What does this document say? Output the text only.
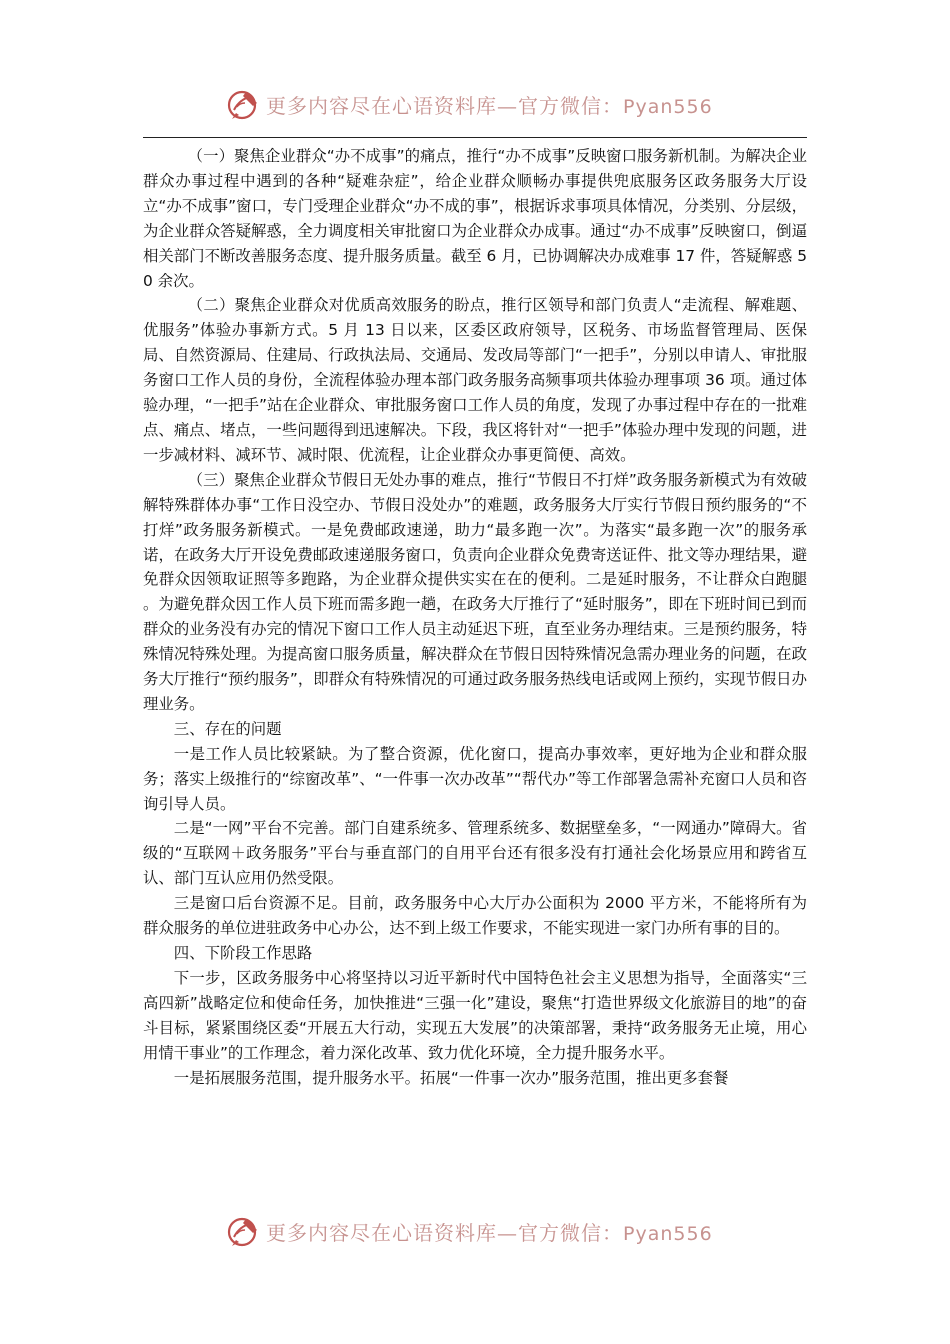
更多内容尽在心语资料库—官方微信：Pyan556

（一）聚焦企业群众“办不成事”的痛点，推行“办不成事”反映窗口服务新机制。为解决企业群众办事过程中遇到的各种“疑难杂症”，给企业群众顺畅办事提供兜底服务区政务服务大厅设立“办不成事”窗口，专门受理企业群众“办不成的事”，根据诉求事项具体情况，分类别、分层级，为企业群众答疑解惑，全力调度相关审批窗口为企业群众办成事。通过“办不成事”反映窗口，倒逼相关部门不断改善服务态度、提升服务质量。截至 6 月，已协调解决办成难事 17 件，答疑解惑 50 余次。

（二）聚焦企业群众对优质高效服务的盼点，推行区领导和部门负责人“走流程、解难题、优服务”体验办事新方式。5 月 13 日以来，区委区政府领导，区税务、市场监督管理局、医保局、自然资源局、住建局、行政执法局、交通局、发改局等部门“一把手”，分别以申请人、审批服务窗口工作人员的身份，全流程体验办理本部门政务服务高频事项共体验办理事项 36 项。通过体验办理，“一把手”站在企业群众、审批服务窗口工作人员的角度，发现了办事过程中存在的一批难点、痛点、堵点，一些问题得到迅速解决。下段，我区将针对“一把手”体验办理中发现的问题，进一步减材料、减环节、减时限、优流程，让企业群众办事更简便、高效。

（三）聚焦企业群众节假日无处办事的难点，推行“节假日不打烊”政务服务新模式为有效破解特殊群体办事“工作日没空办、节假日没处办”的难题，政务服务大厅实行节假日预约服务的“不打烊”政务服务新模式。一是免费邮政速递，助力“最多跑一次”。为落实“最多跑一次”的服务承诺，在政务大厅开设免费邮政速递服务窗口，负责向企业群众免费寄送证件、批文等办理结果，避免群众因领取证照等多跑路，为企业群众提供实实在在的便利。二是延时服务，不让群众白跑腿 。为避免群众因工作人员下班而需多跑一趟，在政务大厅推行了“延时服务”，即在下班时间已到而群众的业务没有办完的情况下窗口工作人员主动延迟下班，直至业务办理结束。三是预约服务，特殊情况特殊处理。为提高窗口服务质量，解决群众在节假日因特殊情况急需办理业务的问题，在政务大厅推行“预约服务”，即群众有特殊情况的可通过政务服务热线电话或网上预约，实现节假日办理业务。

三、存在的问题

一是工作人员比较紧缺。为了整合资源，优化窗口，提高办事效率，更好地为企业和群众服务；落实上级推行的“综窗改革”、“一件事一次办改革”“帮代办”等工作部署急需补充窗口人员和咨询引导人员。

二是“一网”平台不完善。部门自建系统多、管理系统多、数据壁垒多，“一网通办”障碍大。省级的“互联网＋政务服务”平台与垂直部门的自用平台还有很多没有打通社会化场景应用和跨省互认、部门互认应用仍然受限。

三是窗口后台资源不足。目前，政务服务中心大厅办公面积为 2000 平方米，不能将所有为群众服务的单位进驻政务中心办公，达不到上级工作要求，不能实现进一家门办所有事的目的。

四、下阶段工作思路

下一步，区政务服务中心将坚持以习近平新时代中国特色社会主义思想为指导，全面落实“三高四新”战略定位和使命任务，加快推进“三强一化”建设，聚焦“打造世界级文化旅游目的地”的奋斗目标，紧紧围绕区委“开展五大行动，实现五大发展”的决策部署，秉持“政务服务无止境，用心用情干事业”的工作理念，着力深化改革、致力优化环境，全力提升服务水平。

一是拓展服务范围，提升服务水平。拓展“一件事一次办”服务范围，推出更多套餐

更多内容尽在心语资料库—官方微信：Pyan556
